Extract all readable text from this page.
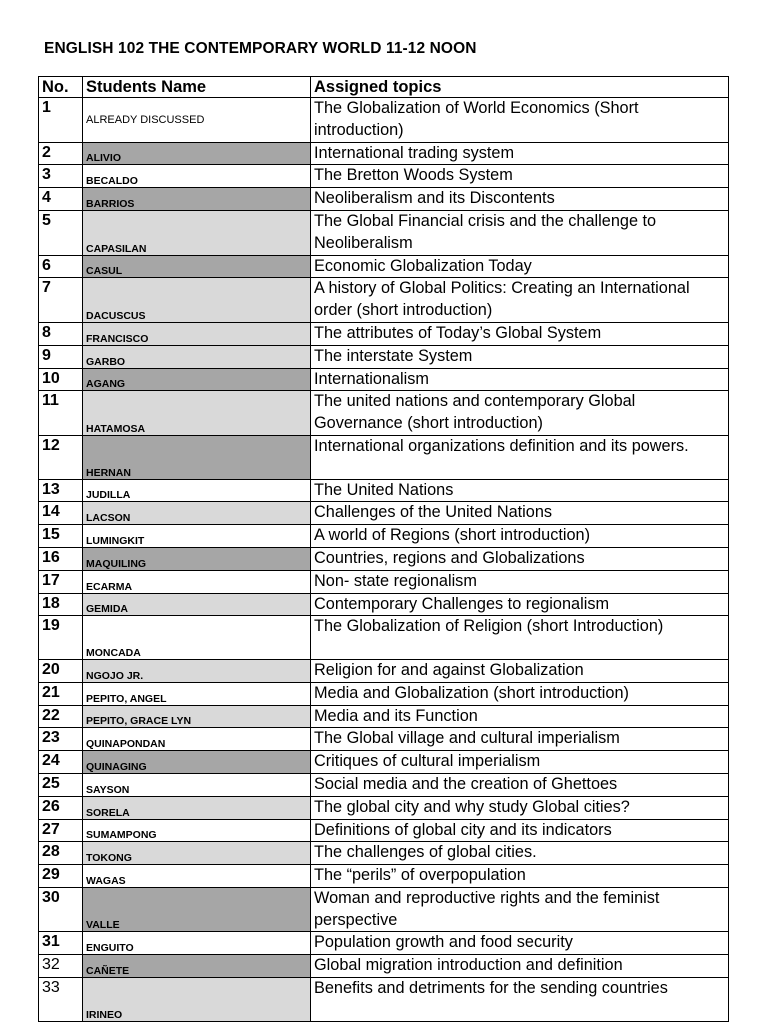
ENGLISH 102 THE CONTEMPORARY WORLD 11-12 NOON
No.	Students Name	Assigned topics
1	ALREADY DISCUSSED	The Globalization of World Economics (Short introduction)
2	ALIVIO	International trading system
3	BECALDO	The Bretton Woods System
4	BARRIOS	Neoliberalism and its Discontents
5	CAPASILAN	The Global Financial crisis and the challenge to Neoliberalism
6	CASUL	Economic Globalization Today
7	DACUSCUS	A history of Global Politics: Creating an International order (short introduction)
8	FRANCISCO	The attributes of Today’s Global System
9	GARBO	The interstate System
10	AGANG	Internationalism
11	HATAMOSA	The united nations and contemporary Global Governance (short introduction)
12	HERNAN	International organizations definition and its powers.
13	JUDILLA	The United Nations
14	LACSON	Challenges of the United Nations
15	LUMINGKIT	A world of Regions (short introduction)
16	MAQUILING	Countries, regions and Globalizations
17	ECARMA	Non- state regionalism
18	GEMIDA	Contemporary Challenges to regionalism
19	MONCADA	The Globalization of Religion (short Introduction)
20	NGOJO JR.	Religion for and against Globalization
21	PEPITO, ANGEL	Media and Globalization (short introduction)
22	PEPITO, GRACE LYN	Media and its Function
23	QUINAPONDAN	The Global village and cultural imperialism
24	QUINAGING	Critiques of cultural imperialism
25	SAYSON	Social media and the creation of Ghettoes
26	SORELA	The global city and why study Global cities?
27	SUMAMPONG	Definitions of global city and its indicators
28	TOKONG	The challenges of global cities.
29	WAGAS	The “perils” of overpopulation
30	VALLE	Woman and reproductive rights and the feminist perspective
31	ENGUITO	Population growth and food security
32	CAÑETE	Global migration introduction and definition
33	IRINEO	Benefits and detriments for the sending countries
